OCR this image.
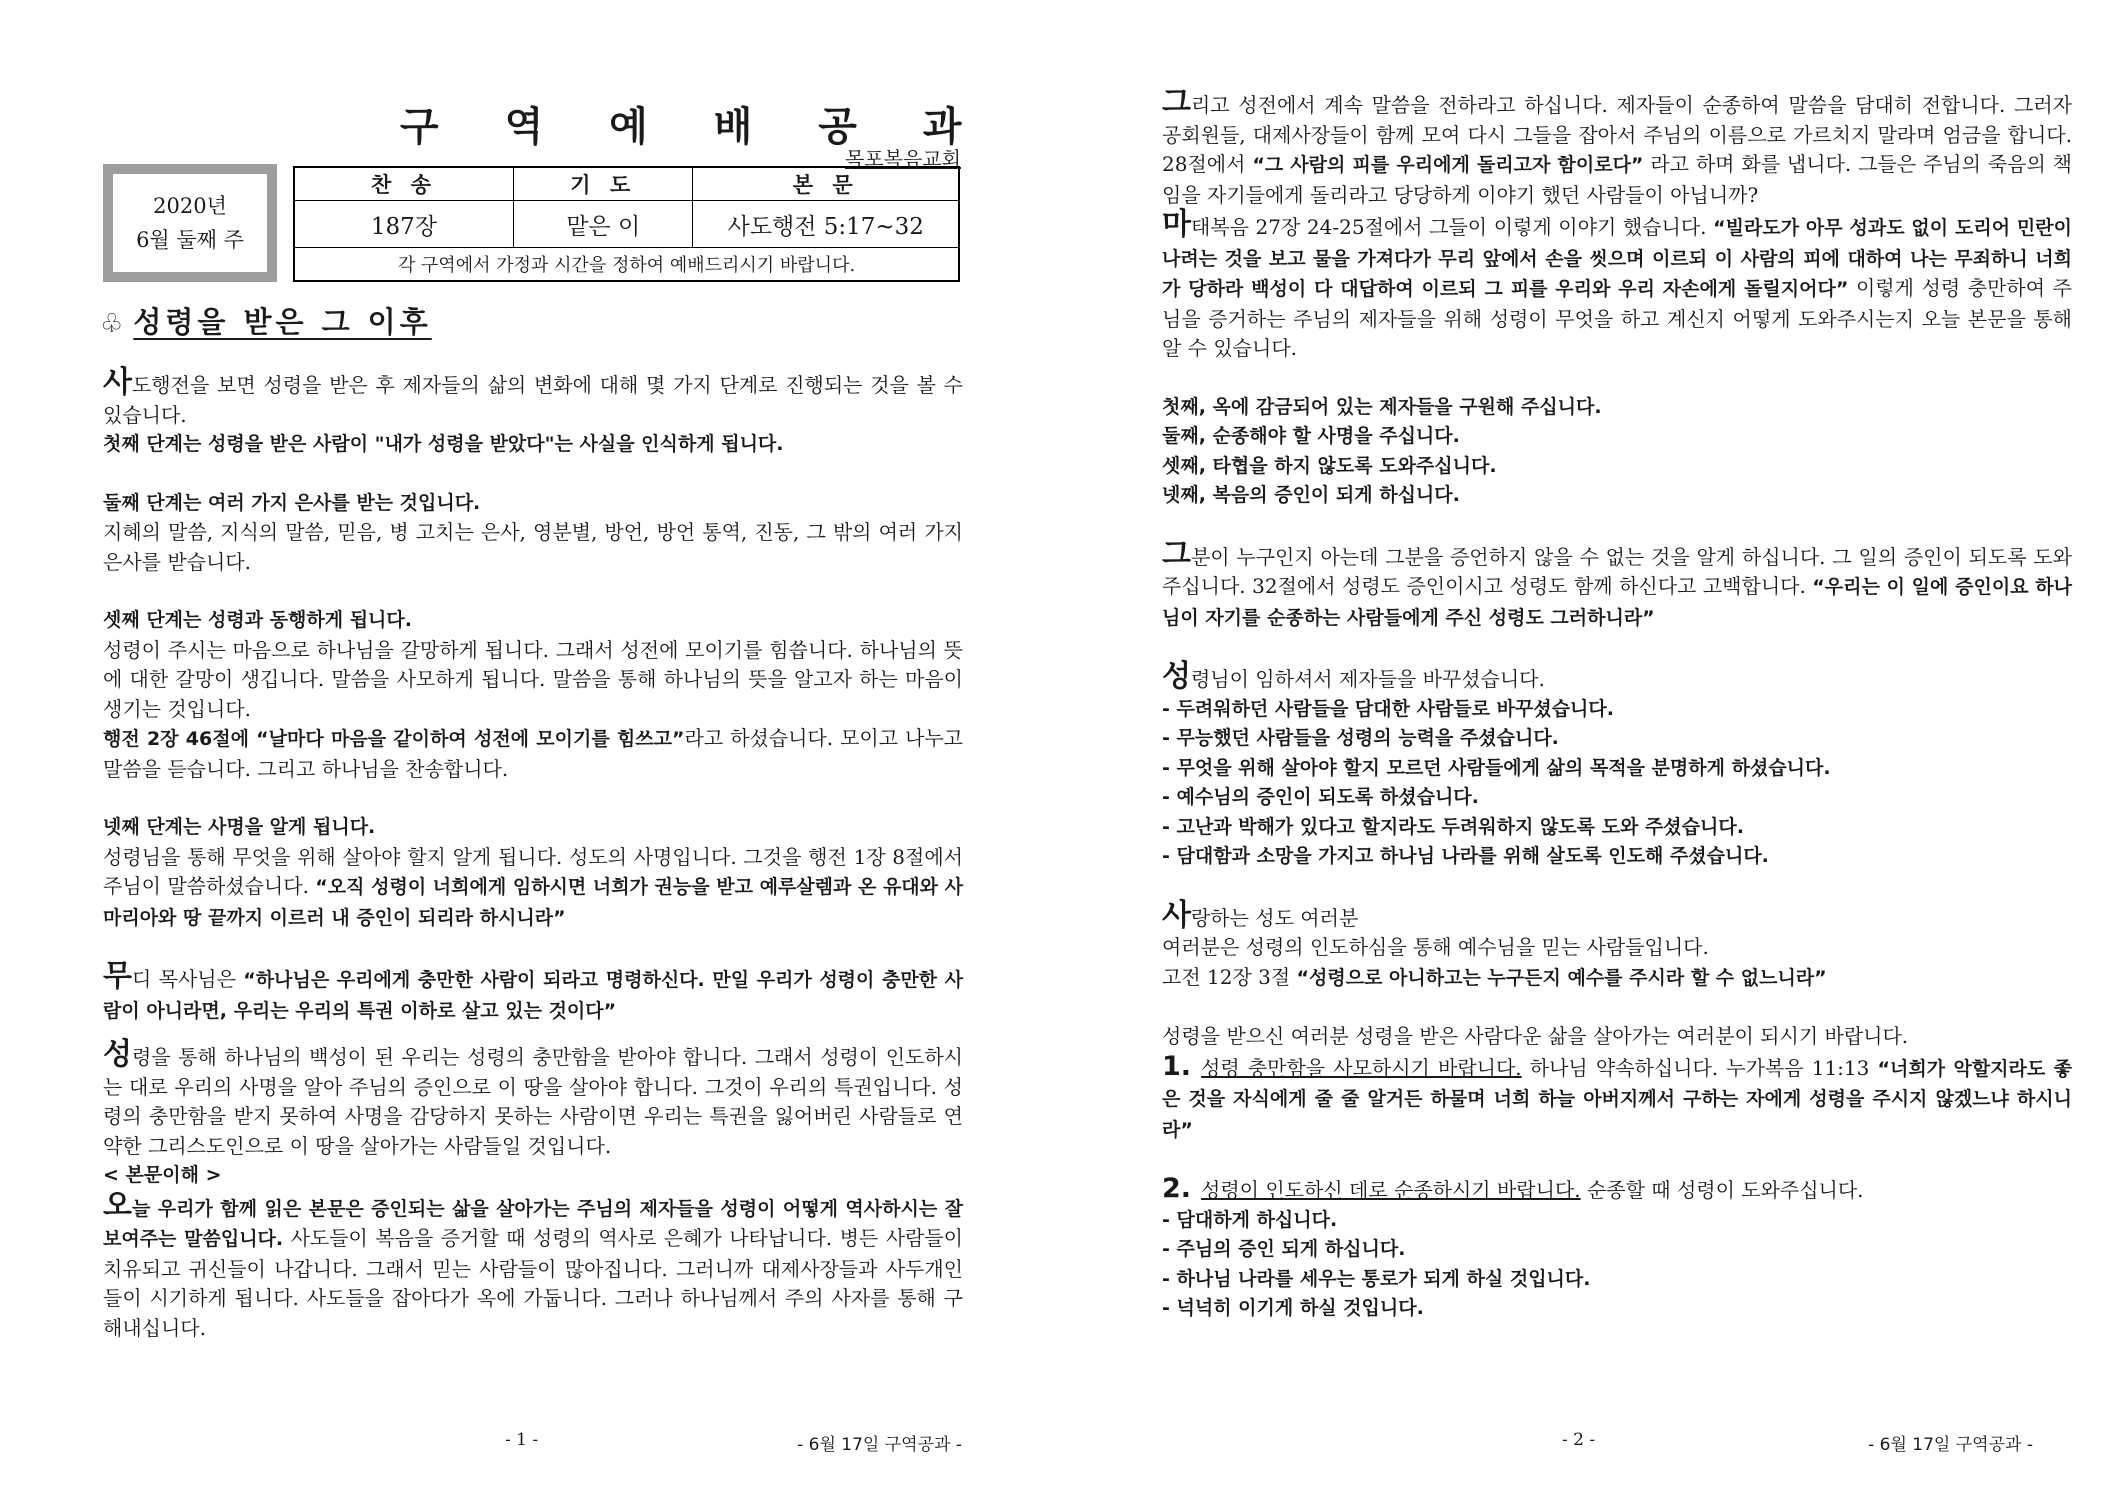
구 역 예 배 공 과
목포복음교회
2020년
6월 둘째 주
찬 송	기 도	본 문
187장	맡은 이	사도행전 5:17~32
각 구역에서 가정과 시간을 정하여 예배드리시기 바랍니다.		
♧ 성령을 받은 그 이후

사도행전을 보면 성령을 받은 후 제자들의 삶의 변화에 대해 몇 가지 단계로 진행되는 것을 볼 수 있습니다.

첫째 단계는 성령을 받은 사람이 "내가 성령을 받았다"는 사실을 인식하게 됩니다.

둘째 단계는 여러 가지 은사를 받는 것입니다.

지혜의 말씀, 지식의 말씀, 믿음, 병 고치는 은사, 영분별, 방언, 방언 통역, 진동, 그 밖의 여러 가지 은사를 받습니다.

셋째 단계는 성령과 동행하게 됩니다.

성령이 주시는 마음으로 하나님을 갈망하게 됩니다. 그래서 성전에 모이기를 힘씁니다. 하나님의 뜻에 대한 갈망이 생깁니다. 말씀을 사모하게 됩니다. 말씀을 통해 하나님의 뜻을 알고자 하는 마음이 생기는 것입니다.

행전 2장 46절에 “날마다 마음을 같이하여 성전에 모이기를 힘쓰고”라고 하셨습니다. 모이고 나누고 말씀을 듣습니다. 그리고 하나님을 찬송합니다.

넷째 단계는 사명을 알게 됩니다.

성령님을 통해 무엇을 위해 살아야 할지 알게 됩니다. 성도의 사명입니다. 그것을 행전 1장 8절에서 주님이 말씀하셨습니다. “오직 성령이 너희에게 임하시면 너희가 권능을 받고 예루살렘과 온 유대와 사마리아와 땅 끝까지 이르러 내 증인이 되리라 하시니라”

무디 목사님은 “하나님은 우리에게 충만한 사람이 되라고 명령하신다. 만일 우리가 성령이 충만한 사람이 아니라면, 우리는 우리의 특권 이하로 살고 있는 것이다”

성령을 통해 하나님의 백성이 된 우리는 성령의 충만함을 받아야 합니다. 그래서 성령이 인도하시는 대로 우리의 사명을 알아 주님의 증인으로 이 땅을 살아야 합니다. 그것이 우리의 특권입니다. 성령의 충만함을 받지 못하여 사명을 감당하지 못하는 사람이면 우리는 특권을 잃어버린 사람들로 연약한 그리스도인으로 이 땅을 살아가는 사람들일 것입니다.

< 본문이해 >

오늘 우리가 함께 읽은 본문은 증인되는 삶을 살아가는 주님의 제자들을 성령이 어떻게 역사하시는 잘 보여주는 말씀입니다. 사도들이 복음을 증거할 때 성령의 역사로 은혜가 나타납니다. 병든 사람들이 치유되고 귀신들이 나갑니다. 그래서 믿는 사람들이 많아집니다. 그러니까 대제사장들과 사두개인들이 시기하게 됩니다. 사도들을 잡아다가 옥에 가둡니다. 그러나 하나님께서 주의 사자를 통해 구해내십니다.

- 1 -	- 6월 17일 구역공과 -

그리고 성전에서 계속 말씀을 전하라고 하십니다. 제자들이 순종하여 말씀을 담대히 전합니다. 그러자 공회원들, 대제사장들이 함께 모여 다시 그들을 잡아서 주님의 이름으로 가르치지 말라며 엄금을 합니다. 28절에서 “그 사람의 피를 우리에게 돌리고자 함이로다” 라고 하며 화를 냅니다. 그들은 주님의 죽음의 책임을 자기들에게 돌리라고 당당하게 이야기 했던 사람들이 아닙니까?

마태복음 27장 24-25절에서 그들이 이렇게 이야기 했습니다. “빌라도가 아무 성과도 없이 도리어 민란이 나려는 것을 보고 물을 가져다가 무리 앞에서 손을 씻으며 이르되 이 사람의 피에 대하여 나는 무죄하니 너희가 당하라 백성이 다 대답하여 이르되 그 피를 우리와 우리 자손에게 돌릴지어다” 이렇게 성령 충만하여 주님을 증거하는 주님의 제자들을 위해 성령이 무엇을 하고 계신지 어떻게 도와주시는지 오늘 본문을 통해 알 수 있습니다.

첫째, 옥에 감금되어 있는 제자들을 구원해 주십니다.

둘째, 순종해야 할 사명을 주십니다.

셋째, 타협을 하지 않도록 도와주십니다.

넷째, 복음의 증인이 되게 하십니다.

그분이 누구인지 아는데 그분을 증언하지 않을 수 없는 것을 알게 하십니다. 그 일의 증인이 되도록 도와주십니다. 32절에서 성령도 증인이시고 성령도 함께 하신다고 고백합니다. “우리는 이 일에 증인이요 하나님이 자기를 순종하는 사람들에게 주신 성령도 그러하니라”

성령님이 임하셔서 제자들을 바꾸셨습니다.

- 두려워하던 사람들을 담대한 사람들로 바꾸셨습니다.

- 무능했던 사람들을 성령의 능력을 주셨습니다.

- 무엇을 위해 살아야 할지 모르던 사람들에게 삶의 목적을 분명하게 하셨습니다.

- 예수님의 증인이 되도록 하셨습니다.

- 고난과 박해가 있다고 할지라도 두려워하지 않도록 도와 주셨습니다.

- 담대함과 소망을 가지고 하나님 나라를 위해 살도록 인도해 주셨습니다.

사랑하는 성도 여러분

여러분은 성령의 인도하심을 통해 예수님을 믿는 사람들입니다.

고전 12장 3절 “성령으로 아니하고는 누구든지 예수를 주시라 할 수 없느니라”

성령을 받으신 여러분 성령을 받은 사람다운 삶을 살아가는 여러분이 되시기 바랍니다.

1. 성령 충만함을 사모하시기 바랍니다. 하나님 약속하십니다. 누가복음 11:13 “너희가 악할지라도 좋은 것을 자식에게 줄 줄 알거든 하물며 너희 하늘 아버지께서 구하는 자에게 성령을 주시지 않겠느냐 하시니라”

2. 성령이 인도하신 데로 순종하시기 바랍니다. 순종할 때 성령이 도와주십니다.

- 담대하게 하십니다.

- 주님의 증인 되게 하십니다.

- 하나님 나라를 세우는 통로가 되게 하실 것입니다.

- 넉넉히 이기게 하실 것입니다.

- 2 -	- 6월 17일 구역공과 -
